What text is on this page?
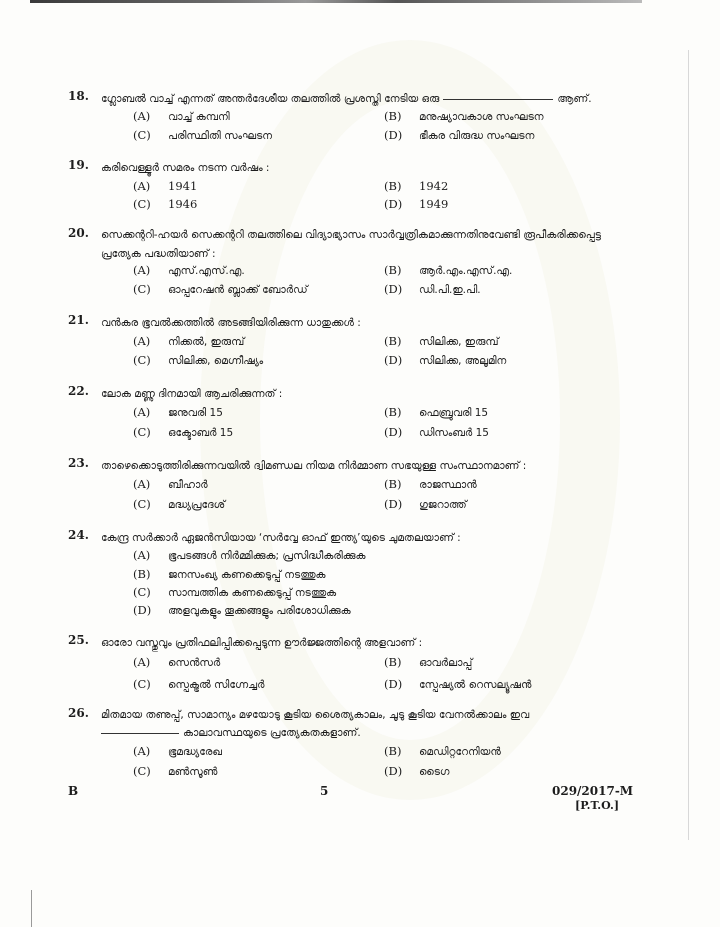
18. ഗ്ലോബൽ വാച്ച് എന്നത് അന്തർദേശീയ തലത്തിൽ പ്രശസ്തി നേടിയ ഒരു	ആണ്.
(A) വാച്ച് കമ്പനി	(B) മനുഷ്യാവകാശ സംഘടന
(C) പരിസ്ഥിതി സംഘടന	(D) ഭീകര വിരുദ്ധ സംഘടന
19. കരിവെള്ളൂർ സമരം നടന്ന വർഷം :
(A) 1941	(B) 1942
(C) 1946	(D) 1949
20. സെക്കന്ററി-ഹയർ സെക്കന്ററി തലത്തിലെ വിദ്യാഭ്യാസം സാർവ്വത്രികമാക്കുന്നതിനുവേണ്ടി രൂപീകരിക്കപ്പെട്ട പ്രത്യേക പദ്ധതിയാണ് :
(A) എസ്.എസ്.എ.	(B) ആർ.എം.എസ്.എ.
(C) ഓപ്പറേഷൻ ബ്ലാക്ക് ബോർഡ്	(D) ഡി.പി.ഇ.പി.
21. വൻകര ഭൂവൽക്കത്തിൽ അടങ്ങിയിരിക്കുന്ന ധാതുക്കൾ :
(A) നിക്കൽ, ഇരുമ്പ്	(B) സിലിക്ക, ഇരുമ്പ്
(C) സിലിക്ക, മെഗ്നീഷ്യം	(D) സിലിക്ക, അലൂമിന
22. ലോക മണ്ണു ദിനമായി ആചരിക്കുന്നത് :
(A) ജനുവരി 15	(B) ഫെബ്രുവരി 15
(C) ഒക്ടോബർ 15	(D) ഡിസംബർ 15
23. താഴെക്കൊടുത്തിരിക്കുന്നവയിൽ ദ്വിമണ്ഡല നിയമ നിർമ്മാണ സഭയുള്ള സംസ്ഥാനമാണ് :
(A) ബീഹാർ	(B) രാജസ്ഥാൻ
(C) മദ്ധ്യപ്രദേശ്	(D) ഗുജറാത്ത്
24. കേന്ദ്ര സർക്കാർ ഏജൻസിയായ ‘സർവ്വേ ഓഫ് ഇന്ത്യ’യുടെ ചുമതലയാണ് :
(A) ഭൂപടങ്ങൾ നിർമ്മിക്കുക; പ്രസിദ്ധീകരിക്കുക
(B) ജനസംഖ്യ കണക്കെടുപ്പ് നടത്തുക
(C) സാമ്പത്തിക കണക്കെടുപ്പ് നടത്തുക
(D) അളവുകളും തൂക്കങ്ങളും പരിശോധിക്കുക
25. ഓരോ വസ്തുവും പ്രതിഫലിപ്പിക്കപ്പെടുന്ന ഊർജ്ജത്തിന്റെ അളവാണ് :
(A) സെൻസർ	(B) ഓവർലാപ്പ്
(C) സ്പെക്ട്രൽ സിഗ്നേച്ചർ	(D) സ്പേഷ്യൽ റെസല്യൂഷൻ
26. മിതമായ തണുപ്പ്, സാമാന്യം മഴയോടു കൂടിയ ശൈത്യകാലം, ചൂടു കൂടിയ വേനൽക്കാലം ഇവ
കാലാവസ്ഥയുടെ പ്രത്യേകതകളാണ്.
(A) ഭൂമദ്ധ്യരേഖ	(B) മെഡിറ്ററേനിയൻ
(C) മൺസൂൺ	(D) ടൈഗ
B	5	029/2017-M
[P.T.O.]
